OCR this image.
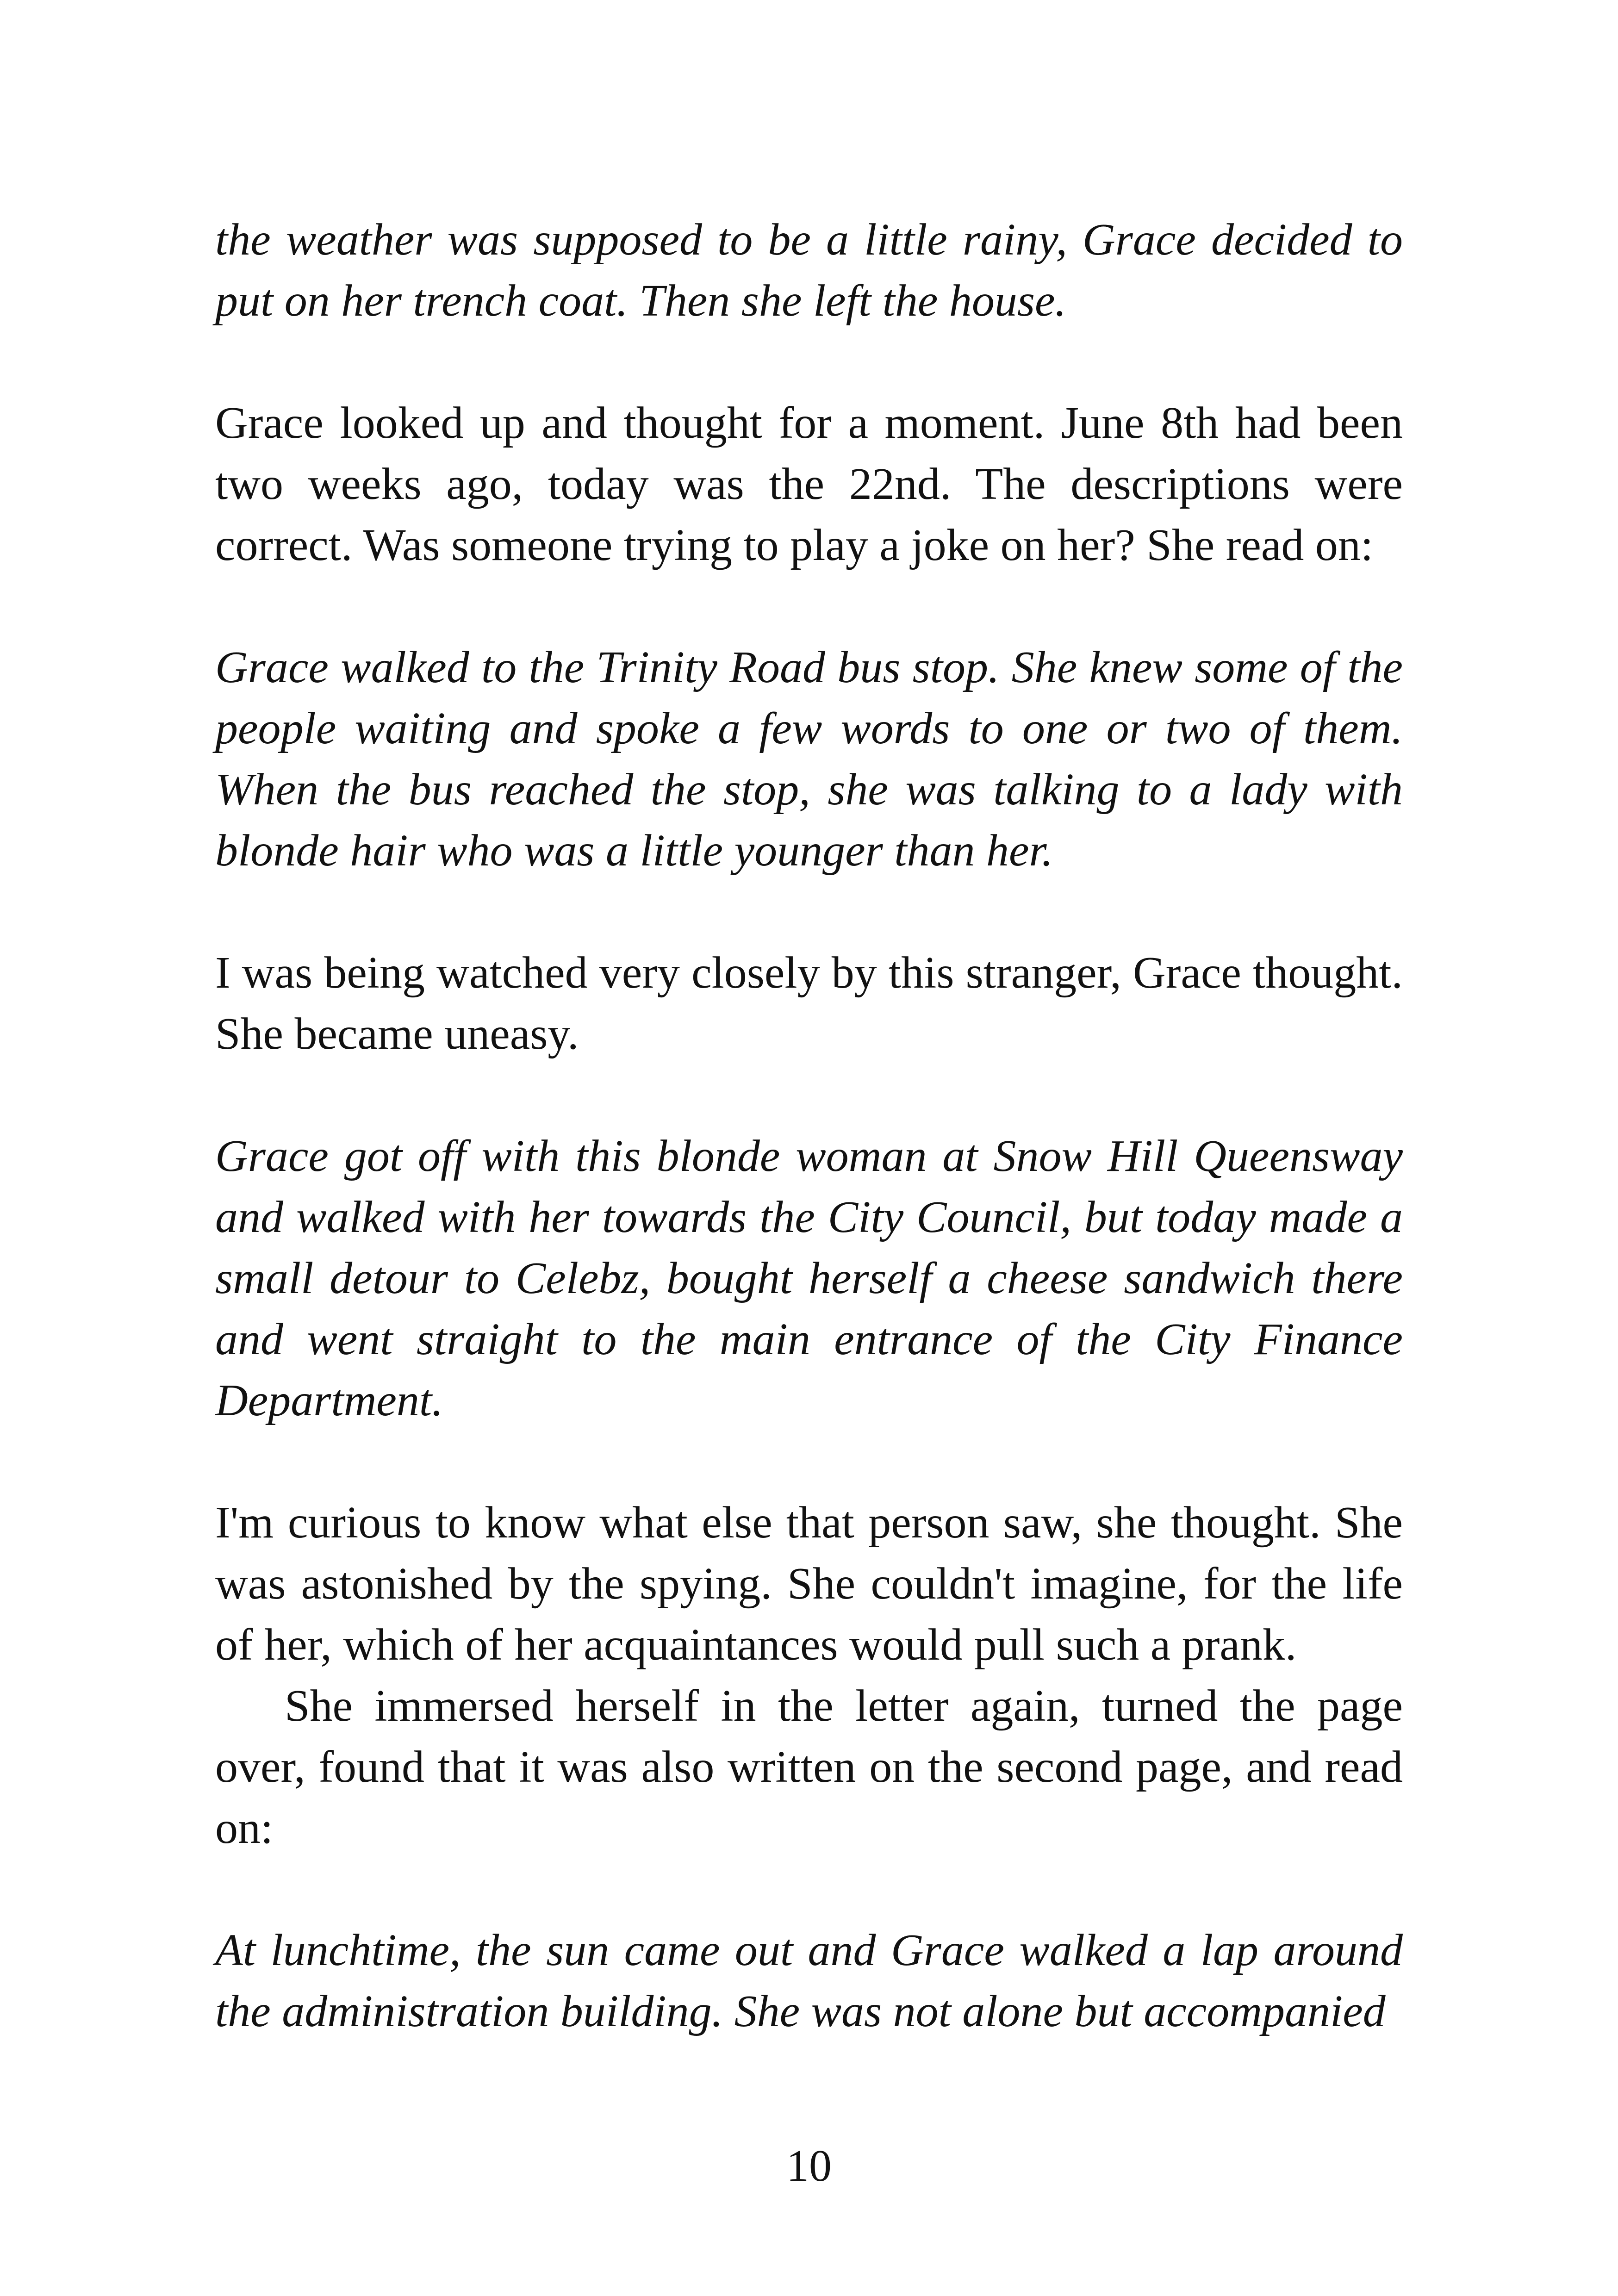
the weather was supposed to be a little rainy, Grace decided to put on her trench coat. Then she left the house.

Grace looked up and thought for a moment. June 8th had been two weeks ago, today was the 22nd. The descriptions were correct. Was someone trying to play a joke on her? She read on:

Grace walked to the Trinity Road bus stop. She knew some of the people waiting and spoke a few words to one or two of them. When the bus reached the stop, she was talking to a lady with blonde hair who was a little younger than her.

I was being watched very closely by this stranger, Grace thought. She became uneasy.

Grace got off with this blonde woman at Snow Hill Queensway and walked with her towards the City Council, but today made a small detour to Celebz, bought herself a cheese sandwich there and went straight to the main entrance of the City Finance Department.

I'm curious to know what else that person saw, she thought. She was astonished by the spying. She couldn't imagine, for the life of her, which of her acquaintances would pull such a prank.

She immersed herself in the letter again, turned the page over, found that it was also written on the second page, and read on:

At lunchtime, the sun came out and Grace walked a lap around the administration building. She was not alone but accompanied

10
